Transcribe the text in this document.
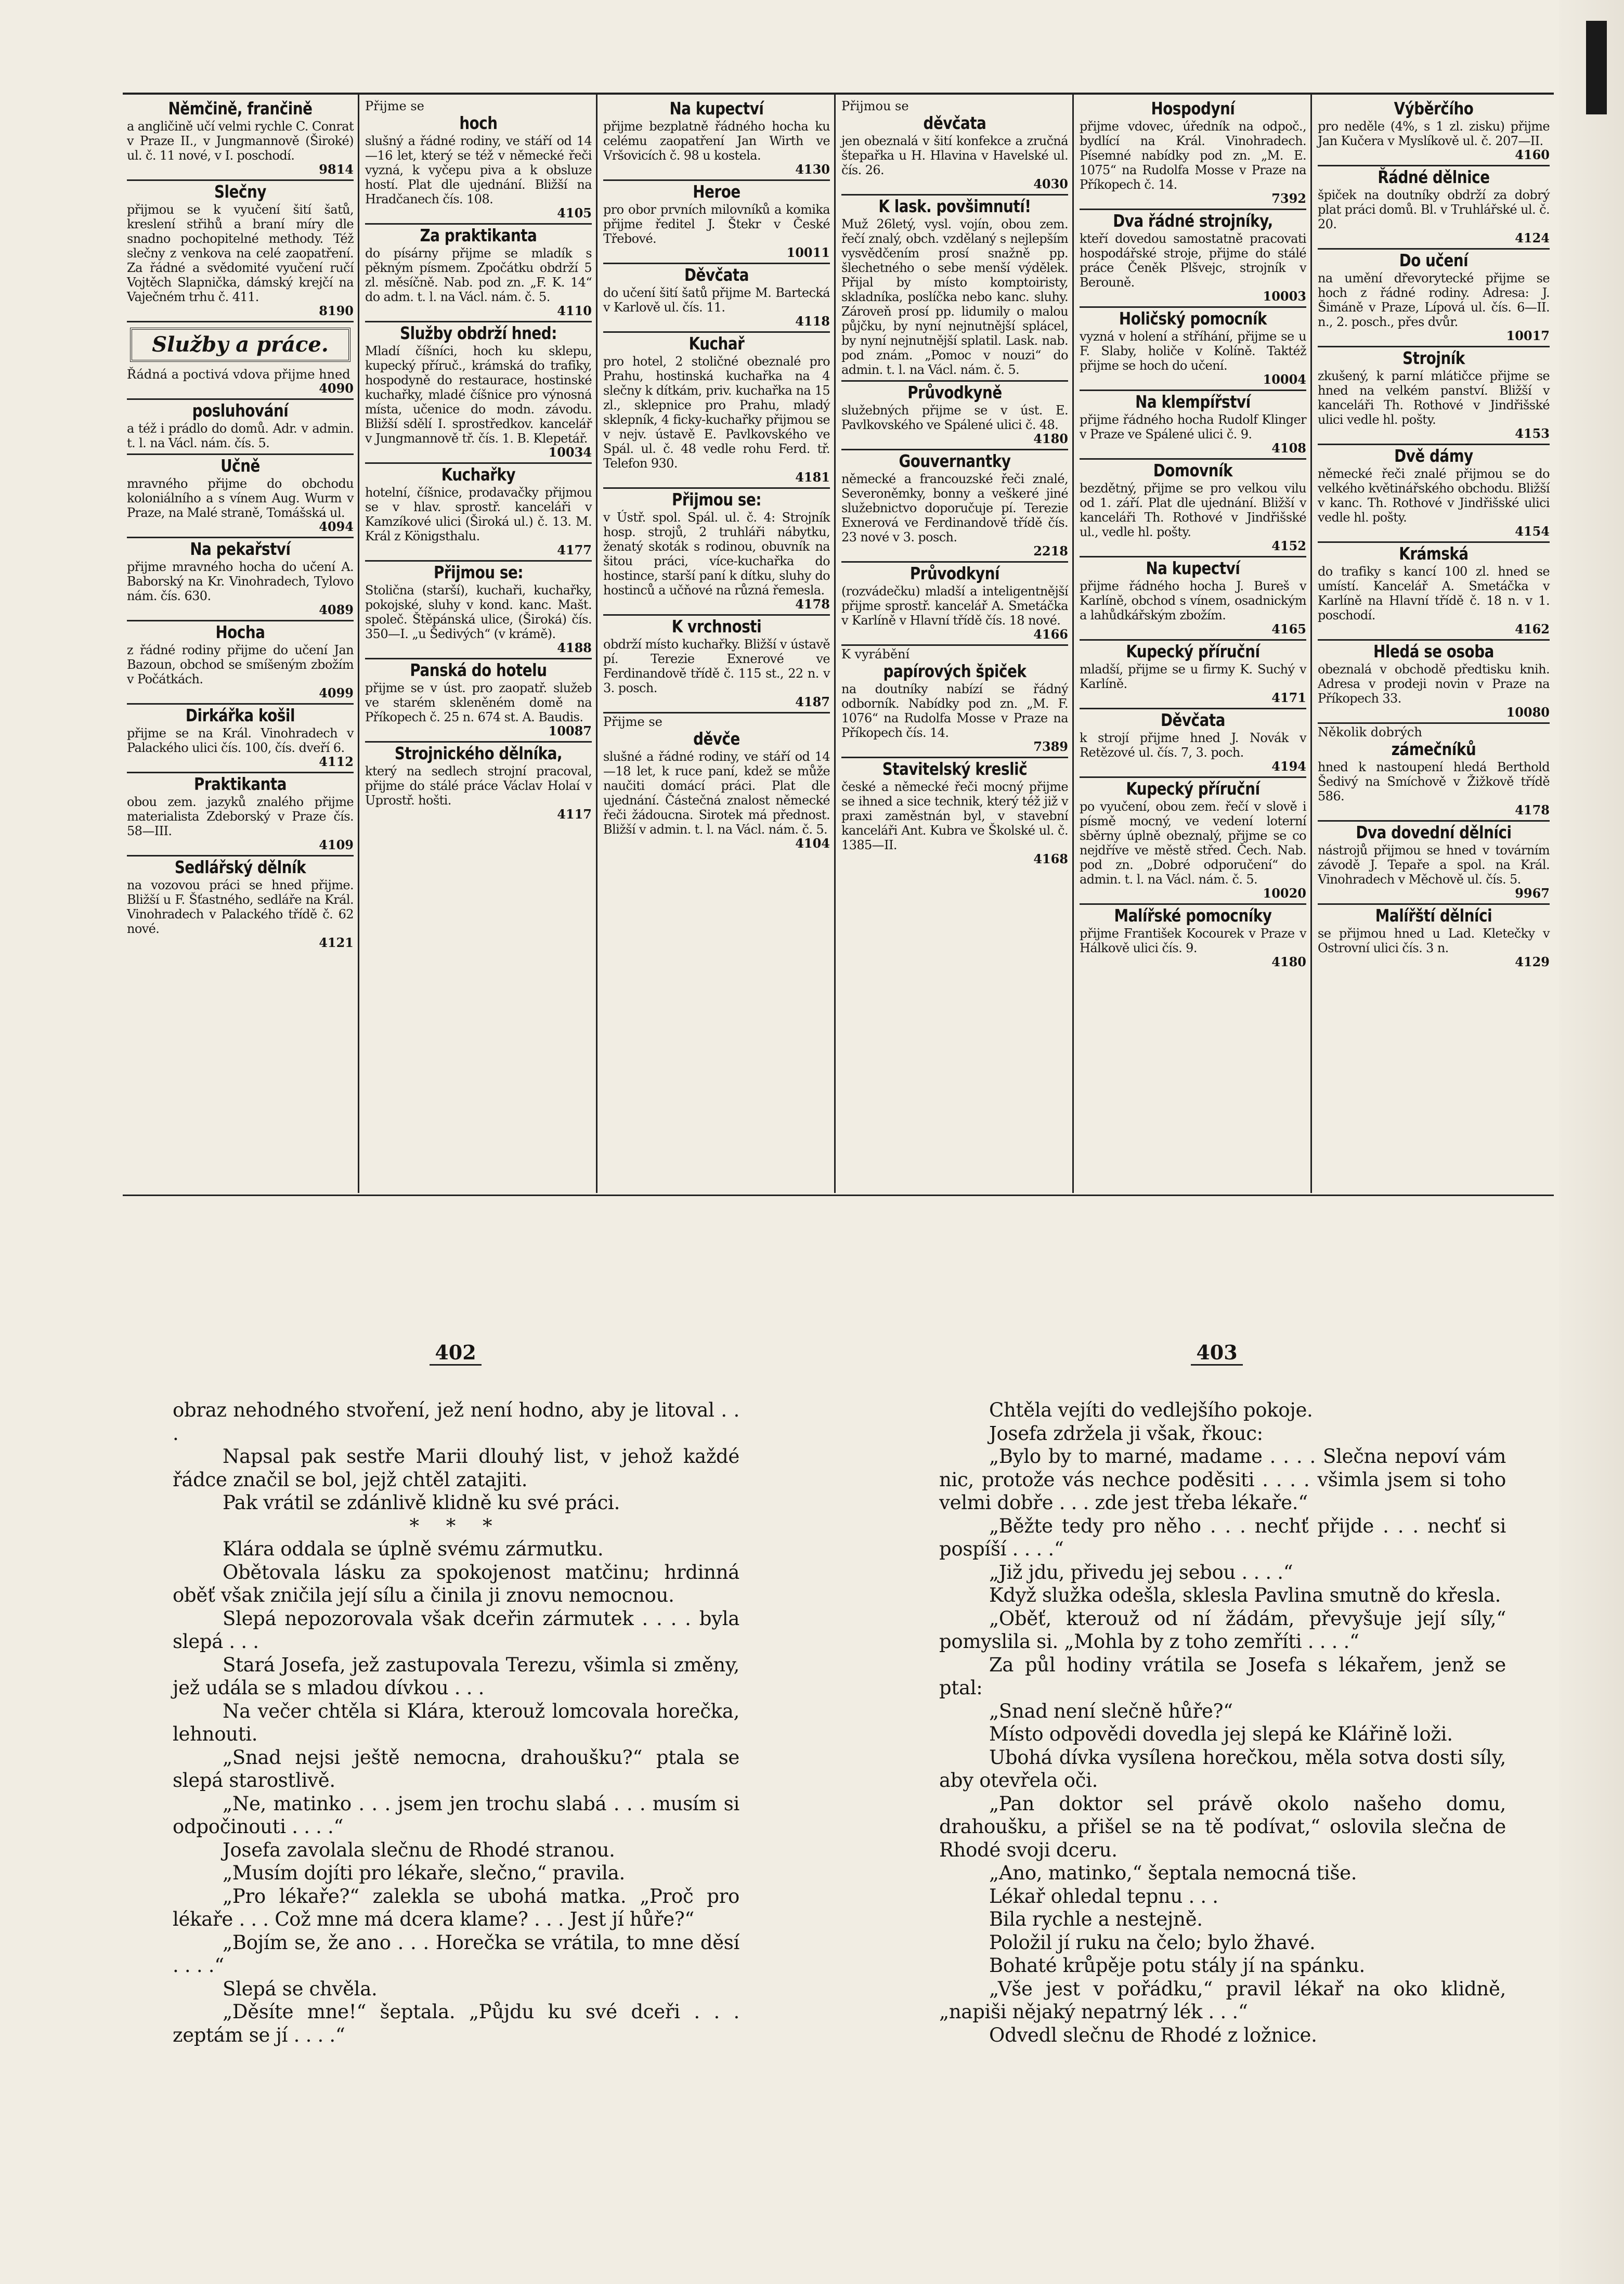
Němčině, frančině
a angličině učí velmi rychle C. Conrat v Praze II., v Jungmannově (Široké) ul. č. 11 nové, v I. poschodí.
9814
Slečny
přijmou se k vyučení šití šatů, kreslení střihů a braní míry dle snadno pochopitelné methody. Též slečny z venkova na celé zaopatření. Za řádné a svědomité vyučení ručí Vojtěch Slapnička, dámský krejčí na Vaječném trhu č. 411.
8190
Služby a práce.
Řádná a poctivá vdova přijme hned
4090
posluhování
a též i prádlo do domů. Adr. v admin. t. l. na Václ. nám. čís. 5.
Učně
mravného přijme do obchodu koloniálního a s vínem Aug. Wurm v Praze, na Malé straně, Tomášská ul.
4094
Na pekařství
přijme mravného hocha do učení A. Baborský na Kr. Vinohradech, Tylovo nám. čís. 630.
4089
Hocha
z řádné rodiny přijme do učení Jan Bazoun, obchod se smíšeným zbožím v Počátkách.
4099
Dirkářka košil
přijme se na Král. Vinohradech v Palackého ulici čís. 100, čís. dveří 6.
4112
Praktikanta
obou zem. jazyků znalého přijme materialista Zdeborský v Praze čís. 58—III.
4109
Sedlářský dělník
na vozovou práci se hned přijme. Bližší u F. Šťastného, sedláře na Král. Vinohradech v Palackého třídě č. 62 nové.
4121
Přijme se
hoch
slušný a řádné rodiny, ve stáří od 14—16 let, který se též v německé řeči vyzná, k vyčepu piva a k obsluze hostí. Plat dle ujednání. Bližší na Hradčanech čís. 108.
4105
Za praktikanta
do písárny přijme se mladík s pěkným písmem. Zpočátku obdrží 5 zl. měsíčně. Nab. pod zn. „F. K. 14“ do adm. t. l. na Václ. nám. č. 5.
4110
Služby obdrží hned:
Mladí číšníci, hoch ku sklepu, kupecký příruč., krámská do trafiky, hospodyně do restaurace, hostinské kuchařky, mladé číšnice pro výnosná místa, učenice do modn. závodu. Bližší sdělí I. sprostředkov. kancelář v Jungmannově tř. čís. 1. B. Klepetář.
10034
Kuchařky
hotelní, číšnice, prodavačky přijmou se v hlav. sprostř. kanceláři v Kamzíkové ulici (Široká ul.) č. 13. M. Král z Königsthalu.
4177
Přijmou se:
Stolična (starší), kuchaři, kuchařky, pokojské, sluhy v kond. kanc. Mašt. společ. Štěpánská ulice, (Široká) čís. 350—I. „u Šedivých“ (v krámě).
4188
Panská do hotelu
přijme se v úst. pro zaopatř. služeb ve starém skleněném domě na Příkopech č. 25 n. 674 st. A. Baudis.
10087
Strojnického dělníka,
který na sedlech strojní pracoval, přijme do stálé práce Václav Holaí v Uprostř. hošti.
4117
Na kupectví
přijme bezplatně řádného hocha ku celému zaopatření Jan Wirth ve Vršovicích č. 98 u kostela.
4130
Heroe
pro obor prvních milovníků a komika přijme ředitel J. Štekr v České Třebové.
10011
Děvčata
do učení šití šatů přijme M. Bartecká v Karlově ul. čís. 11.
4118
Kuchař
pro hotel, 2 stoličné obeznalé pro Prahu, hostinská kuchařka na 4 slečny k dítkám, priv. kuchařka na 15 zl., sklepnice pro Prahu, mladý sklepník, 4 ficky-kuchařky přijmou se v nejv. ústavě E. Pavlkovského ve Spál. ul. č. 48 vedle rohu Ferd. tř. Telefon 930.
4181
Přijmou se:
v Ústř. spol. Spál. ul. č. 4: Strojník hosp. strojů, 2 truhláři nábytku, ženatý skoták s rodinou, obuvník na šitou práci, více-kuchařka do hostince, starší paní k dítku, sluhy do hostinců a učňové na různá řemesla.
4178
K vrchnosti
obdrží místo kuchařky. Bližší v ústavě pí. Terezie Exnerové ve Ferdinandově třídě č. 115 st., 22 n. v 3. posch.
4187
Přijme se
děvče
slušné a řádné rodiny, ve stáří od 14—18 let, k ruce paní, kdež se může naučiti domácí práci. Plat dle ujednání. Částečná znalost německé řeči žádoucna. Sirotek má přednost. Bližší v admin. t. l. na Václ. nám. č. 5.
4104
Přijmou se
děvčata
jen obeznalá v šití konfekce a zručná štepařka u H. Hlavina v Havelské ul. čís. 26.
4030
K lask. povšimnutí!
Muž 26letý, vysl. vojín, obou zem. řečí znalý, obch. vzdělaný s nejlepším vysvědčením prosí snažně pp. šlechetného o sebe menší výdělek. Přijal by místo komptoiristy, skladníka, poslíčka nebo kanc. sluhy. Zároveň prosí pp. lidumily o malou půjčku, by nyní nejnutnější splácel, by nyní nejnutnější splatil. Lask. nab. pod znám. „Pomoc v nouzi“ do admin. t. l. na Václ. nám. č. 5.
Průvodkyně
služebných přijme se v úst. E. Pavlkovského ve Spálené ulici č. 48.
4180
Gouvernantky
německé a francouzské řeči znalé, Severoněmky, bonny a veškeré jiné služebnictvo doporučuje pí. Terezie Exnerová ve Ferdinandově třídě čís. 23 nové v 3. posch.
2218
Průvodkyní
(rozvádečku) mladší a inteligentnější přijme sprostř. kancelář A. Smetáčka v Karlíně v Hlavní třídě čís. 18 nové.
4166
K vyrábění
papírových špiček
na doutníky nabízí se řádný odborník. Nabídky pod zn. „M. F. 1076“ na Rudolfa Mosse v Praze na Příkopech čís. 14.
7389
Stavitelský kreslič
české a německé řeči mocný přijme se ihned a sice technik, který též již v praxi zaměstnán byl, v stavební kanceláři Ant. Kubra ve Školské ul. č. 1385—II.
4168
Hospodyní
přijme vdovec, úředník na odpoč., bydlící na Král. Vinohradech. Písemné nabídky pod zn. „M. E. 1075“ na Rudolfa Mosse v Praze na Příkopech č. 14.
7392
Dva řádné strojníky,
kteří dovedou samostatně pracovati hospodářské stroje, přijme do stálé práce Čeněk Plšvejc, strojník v Berouně.
10003
Holičský pomocník
vyzná v holení a stříhání, přijme se u F. Slaby, holiče v Kolíně. Taktéž přijme se hoch do učení.
10004
Na klempířství
přijme řádného hocha Rudolf Klinger v Praze ve Spálené ulici č. 9.
4108
Domovník
bezdětný, přijme se pro velkou vilu od 1. září. Plat dle ujednání. Bližší v kanceláři Th. Rothové v Jindřišské ul., vedle hl. pošty.
4152
Na kupectví
přijme řádného hocha J. Bureš v Karlíně, obchod s vínem, osadnickým a lahůdkářským zbožím.
4165
Kupecký příruční
mladší, přijme se u firmy K. Suchý v Karlíně.
4171
Děvčata
k strojí přijme hned J. Novák v Retězové ul. čís. 7, 3. poch.
4194
Kupecký příruční
po vyučení, obou zem. řečí v slově i písmě mocný, ve vedení loterní sběrny úplně obeznalý, přijme se co nejdříve ve městě střed. Čech. Nab. pod zn. „Dobré odporučení“ do admin. t. l. na Václ. nám. č. 5.
10020
Malířské pomocníky
přijme František Kocourek v Praze v Hálkově ulici čís. 9.
4180
Výběrčího
pro neděle (4%, s 1 zl. zisku) přijme Jan Kučera v Myslíkově ul. č. 207—II.
4160
Řádné dělnice
špiček na doutníky obdrží za dobrý plat práci domů. Bl. v Truhlářské ul. č. 20.
4124
Do učení
na umění dřevorytecké přijme se hoch z řádné rodiny. Adresa: J. Šimáně v Praze, Lípová ul. čís. 6—II. n., 2. posch., přes dvůr.
10017
Strojník
zkušený, k parní mlátičce přijme se hned na velkém panství. Bližší v kanceláři Th. Rothové v Jindřišské ulici vedle hl. pošty.
4153
Dvě dámy
německé řeči znalé přijmou se do velkého květinářského obchodu. Bližší v kanc. Th. Rothové v Jindřišské ulici vedle hl. pošty.
4154
Krámská
do trafiky s kancí 100 zl. hned se umístí. Kancelář A. Smetáčka v Karlíně na Hlavní třídě č. 18 n. v 1. poschodí.
4162
Hledá se osoba
obeznalá v obchodě předtisku knih. Adresa v prodeji novin v Praze na Příkopech 33.
10080
Několik dobrých
zámečníků
hned k nastoupení hledá Berthold Šedivý na Smíchově v Žižkově třídě 586.
4178
Dva dovední dělníci
nástrojů přijmou se hned v továrním závodě J. Tepaře a spol. na Král. Vinohradech v Měchově ul. čís. 5.
9967
Malířští dělníci
se přijmou hned u Lad. Kletečky v Ostrovní ulici čís. 3 n.
4129
402	403

obraz nehodného stvoření, jež není hodno, aby je litoval . . .

Napsal pak sestře Marii dlouhý list, v jehož každé řádce značil se bol, jejž chtěl zatajiti.

Pak vrátil se zdánlivě klidně ku své práci.

* * *

Klára oddala se úplně svému zármutku.

Obětovala lásku za spokojenost matčinu; hrdinná oběť však zničila její sílu a činila ji znovu nemocnou.

Slepá nepozorovala však dceřin zármutek . . . . byla slepá . . .

Stará Josefa, jež zastupovala Terezu, všimla si změny, jež udála se s mladou dívkou . . .

Na večer chtěla si Klára, kterouž lomcovala horečka, lehnouti.

„Snad nejsi ještě nemocna, drahoušku?“ ptala se slepá starostlivě.

„Ne, matinko . . . jsem jen trochu slabá . . . musím si odpočinouti . . . .“

Josefa zavolala slečnu de Rhodé stranou.

„Musím dojíti pro lékaře, slečno,“ pravila.

„Pro lékaře?“ zalekla se ubohá matka. „Proč pro lékaře . . . Což mne má dcera klame? . . . Jest jí hůře?“

„Bojím se, že ano . . . Horečka se vrátila, to mne děsí . . . .“

Slepá se chvěla.

„Děsíte mne!“ šeptala. „Půjdu ku své dceři . . . zeptám se jí . . . .“

Chtěla vejíti do vedlejšího pokoje.

Josefa zdržela ji však, řkouc:

„Bylo by to marné, madame . . . . Slečna nepoví vám nic, protože vás nechce poděsiti . . . . všimla jsem si toho velmi dobře . . . zde jest třeba lékaře.“

„Běžte tedy pro něho . . . nechť přijde . . . nechť si pospíší . . . .“

„Již jdu, přivedu jej sebou . . . .“

Když služka odešla, sklesla Pavlina smutně do křesla.

„Oběť, kterouž od ní žádám, převyšuje její síly,“ pomyslila si. „Mohla by z toho zemříti . . . .“

Za půl hodiny vrátila se Josefa s lékařem, jenž se ptal:

„Snad není slečně hůře?“

Místo odpovědi dovedla jej slepá ke Klářině loži.

Ubohá dívka vysílena horečkou, měla sotva dosti síly, aby otevřela oči.

„Pan doktor sel právě okolo našeho domu, drahoušku, a přišel se na tě podívat,“ oslovila slečna de Rhodé svoji dceru.

„Ano, matinko,“ šeptala nemocná tiše.

Lékař ohledal tepnu . . .

Bila rychle a nestejně.

Položil jí ruku na čelo; bylo žhavé.

Bohaté krůpěje potu stály jí na spánku.

„Vše jest v pořádku,“ pravil lékař na oko klidně, „napiši nějaký nepatrný lék . . .“

Odvedl slečnu de Rhodé z ložnice.
